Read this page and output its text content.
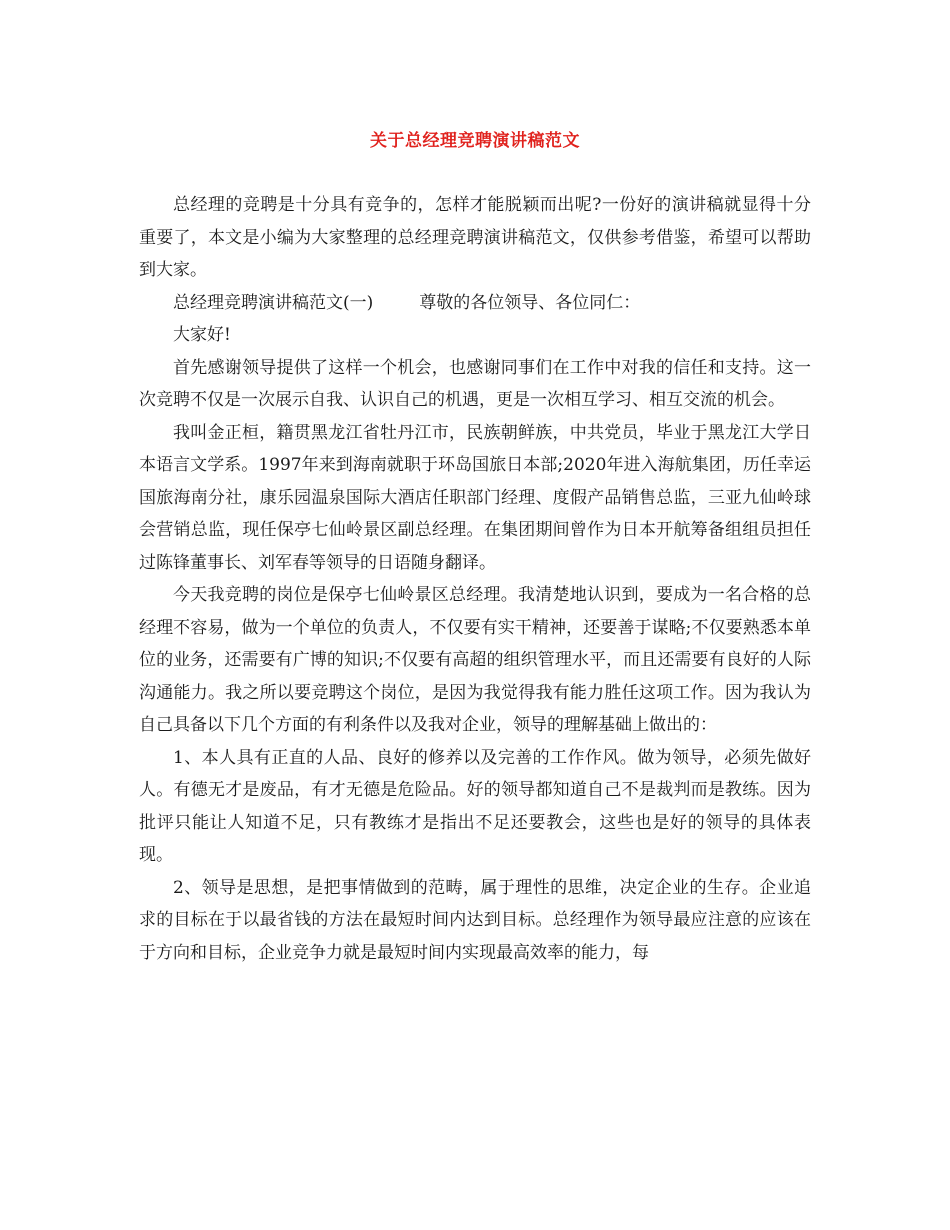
关于总经理竞聘演讲稿范文

总经理的竞聘是十分具有竞争的，怎样才能脱颖而出呢?一份好的演讲稿就显得十分重要了，本文是小编为大家整理的总经理竞聘演讲稿范文，仅供参考借鉴，希望可以帮助到大家。

总经理竞聘演讲稿范文(一)	尊敬的各位领导、各位同仁：

大家好!

首先感谢领导提供了这样一个机会，也感谢同事们在工作中对我的信任和支持。这一次竞聘不仅是一次展示自我、认识自己的机遇，更是一次相互学习、相互交流的机会。

我叫金正桓，籍贯黑龙江省牡丹江市，民族朝鲜族，中共党员，毕业于黑龙江大学日本语言文学系。1997年来到海南就职于环岛国旅日本部;2020年进入海航集团，历任幸运国旅海南分社，康乐园温泉国际大酒店任职部门经理、度假产品销售总监，三亚九仙岭球会营销总监，现任保亭七仙岭景区副总经理。在集团期间曾作为日本开航筹备组组员担任过陈锋董事长、刘军春等领导的日语随身翻译。

今天我竞聘的岗位是保亭七仙岭景区总经理。我清楚地认识到，要成为一名合格的总经理不容易，做为一个单位的负责人，不仅要有实干精神，还要善于谋略;不仅要熟悉本单位的业务，还需要有广博的知识;不仅要有高超的组织管理水平，而且还需要有良好的人际沟通能力。我之所以要竞聘这个岗位，是因为我觉得我有能力胜任这项工作。因为我认为自己具备以下几个方面的有利条件以及我对企业，领导的理解基础上做出的：

1、本人具有正直的人品、良好的修养以及完善的工作作风。做为领导，必须先做好人。有德无才是废品，有才无德是危险品。好的领导都知道自己不是裁判而是教练。因为批评只能让人知道不足，只有教练才是指出不足还要教会，这些也是好的领导的具体表现。

2、领导是思想，是把事情做到的范畴，属于理性的思维，决定企业的生存。企业追求的目标在于以最省钱的方法在最短时间内达到目标。总经理作为领导最应注意的应该在于方向和目标，企业竞争力就是最短时间内实现最高效率的能力，每
